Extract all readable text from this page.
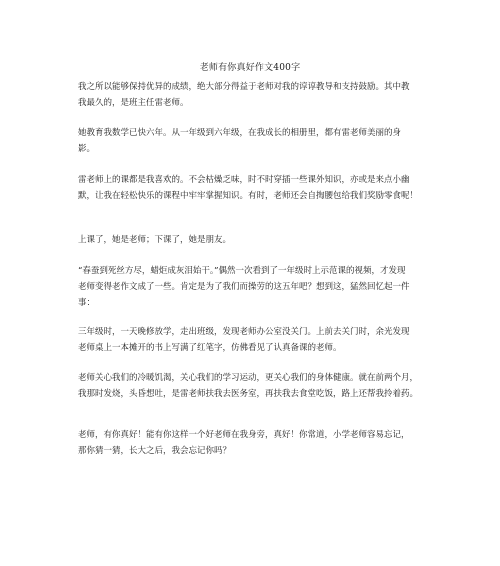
老师有你真好作文400字
我之所以能够保持优异的成绩，绝大部分得益于老师对我的谆谆教导和支持鼓励。其中教
我最久的，是班主任雷老师。
她教育我数学已快六年。从一年级到六年级，在我成长的相册里，都有雷老师美丽的身
影。
雷老师上的课都是我喜欢的。不会枯燥乏味，时不时穿插一些课外知识，亦或是来点小幽
默，让我在轻松快乐的课程中牢牢掌握知识。有时，老师还会自掏腰包给我们奖励零食呢！
上课了，她是老师；下课了，她是朋友。
“春蚕到死丝方尽，蜡炬成灰泪始干。”偶然一次看到了一年级时上示范课的视频，才发现
老师变得老作文成了一些。肯定是为了我们而操劳的这五年吧？想到这，猛然回忆起一件
事：
三年级时，一天晚修放学，走出班级，发现老师办公室没关门。上前去关门时，余光发现
老师桌上一本摊开的书上写满了红笔字，仿佛看见了认真备课的老师。
老师关心我们的冷暖饥渴，关心我们的学习运动，更关心我们的身体健康。就在前两个月，
我那时发烧，头昏想吐，是雷老师扶我去医务室，再扶我去食堂吃饭，路上还帮我拎着药。
老师，有你真好！能有你这样一个好老师在我身旁，真好！你常道，小学老师容易忘记，
那你猜一猜，长大之后，我会忘记你吗？
